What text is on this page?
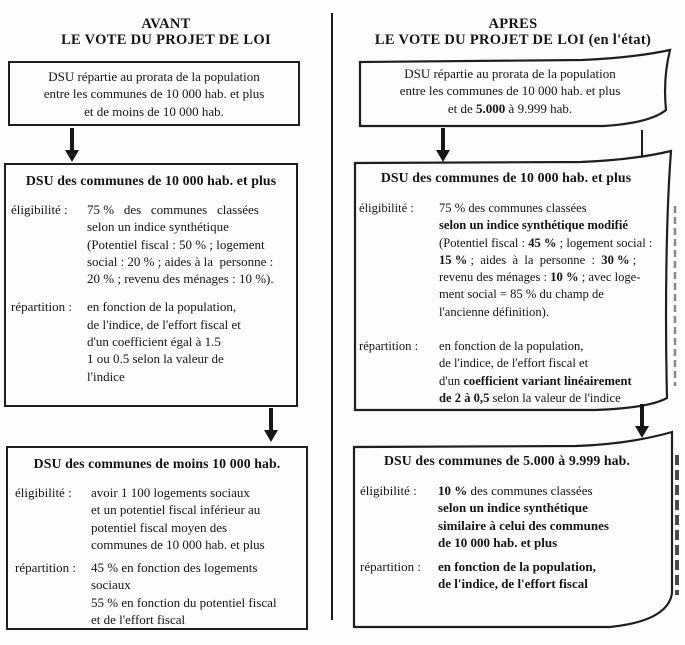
AVANT
LE VOTE DU PROJET DE LOI
DSU répartie au prorata de la population
entre les communes de 10 000 hab. et plus
et de moins de 10 000 hab.
DSU des communes de 10 000 hab. et plus
éligibilité :	75 %   des   communes   classées
selon un indice synthétique
(Potentiel fiscal : 50 % ; logement
social : 20 % ; aides à la  personne :
20 % ; revenu des ménages : 10 %).
répartition :	en fonction de la population,
de l'indice, de l'effort fiscal et
d'un coefficient égal à 1.5
1 ou 0.5 selon la valeur de
l'indice
DSU des communes de moins 10 000 hab.
éligibilité :	avoir 1 100 logements sociaux
et un potentiel fiscal inférieur au
potentiel fiscal moyen des
communes de 10 000 hab. et plus
répartition :	45 % en fonction des logements
sociaux
55 % en fonction du potentiel fiscal
et de l'effort fiscal
APRES
LE VOTE DU PROJET DE LOI (en l'état)
DSU répartie au prorata de la population
entre les communes de 10 000 hab. et plus
et de 5.000 à 9.999 hab.
DSU des communes de 10 000 hab. et plus
éligibilité :	75 % des communes classées
selon un indice synthétique modifié
(Potentiel fiscal : 45 % ; logement social :
15 % ;  aides  à  la  personne  :  30 % ;
revenu des ménages : 10 % ; avec loge-
ment social = 85 % du champ de
l'ancienne définition).
répartition :	en fonction de la population,
de l'indice, de l'effort fiscal et
d'un coefficient variant linéairement
de 2 à 0,5 selon la valeur de l'indice
DSU des communes de 5.000 à 9.999 hab.
éligibilité :	10 % des communes classées
selon un indice synthétique
similaire à celui des communes
de 10 000 hab. et plus
répartition :	en fonction de la population,
de l'indice, de l'effort fiscal
